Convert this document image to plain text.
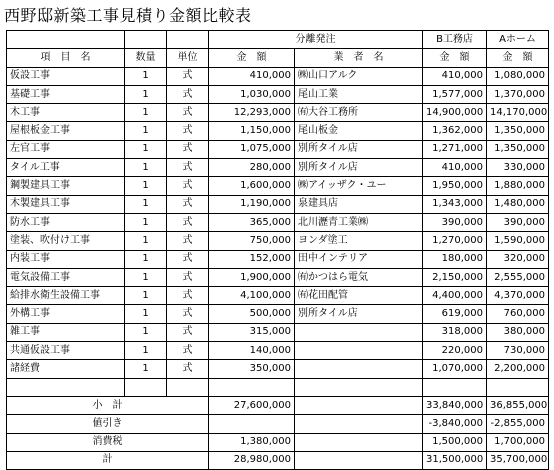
西野邸新築工事見積り金額比較表
			分離発注		B工務店	Aホーム
項　目　名	数量	単位	金　額	業　者　名	金　額	金　額
仮設工事	1	式	410,000	㈱山口アルク	410,000	1,080,000
基礎工事	1	式	1,030,000	尾山工業	1,577,000	1,370,000
木工事	1	式	12,293,000	㈲大谷工務所	14,900,000	14,170,000
屋根板金工事	1	式	1,150,000	尾山板金	1,362,000	1,350,000
左官工事	1	式	1,075,000	別所タイル店	1,271,000	1,350,000
タイル工事	1	式	280,000	別所タイル店	410,000	330,000
鋼製建具工事	1	式	1,600,000	㈱アイッザク・ユー	1,950,000	1,880,000
木製建具工事	1	式	1,190,000	泉建具店	1,343,000	1,480,000
防水工事	1	式	365,000	北川瀝青工業㈱	390,000	390,000
塗装、吹付け工事	1	式	750,000	ヨンダ塗工	1,270,000	1,590,000
内装工事	1	式	152,000	田中インテリア	180,000	320,000
電気設備工事	1	式	1,900,000	㈲かつはら電気	2,150,000	2,555,000
給排水衛生設備工事	1	式	4,100,000	㈲花田配管	4,400,000	4,370,000
外構工事	1	式	500,000	別所タイル店	619,000	760,000
雑工事	1	式	315,000		318,000	380,000
共通仮設工事	1	式	140,000		220,000	730,000
諸経費	1	式	350,000		1,070,000	2,200,000

小　計			27,600,000		33,840,000	36,855,000
値引き					-3,840,000	-2,855,000
消費税			1,380,000		1,500,000	1,700,000
計			28,980,000		31,500,000	35,700,000
